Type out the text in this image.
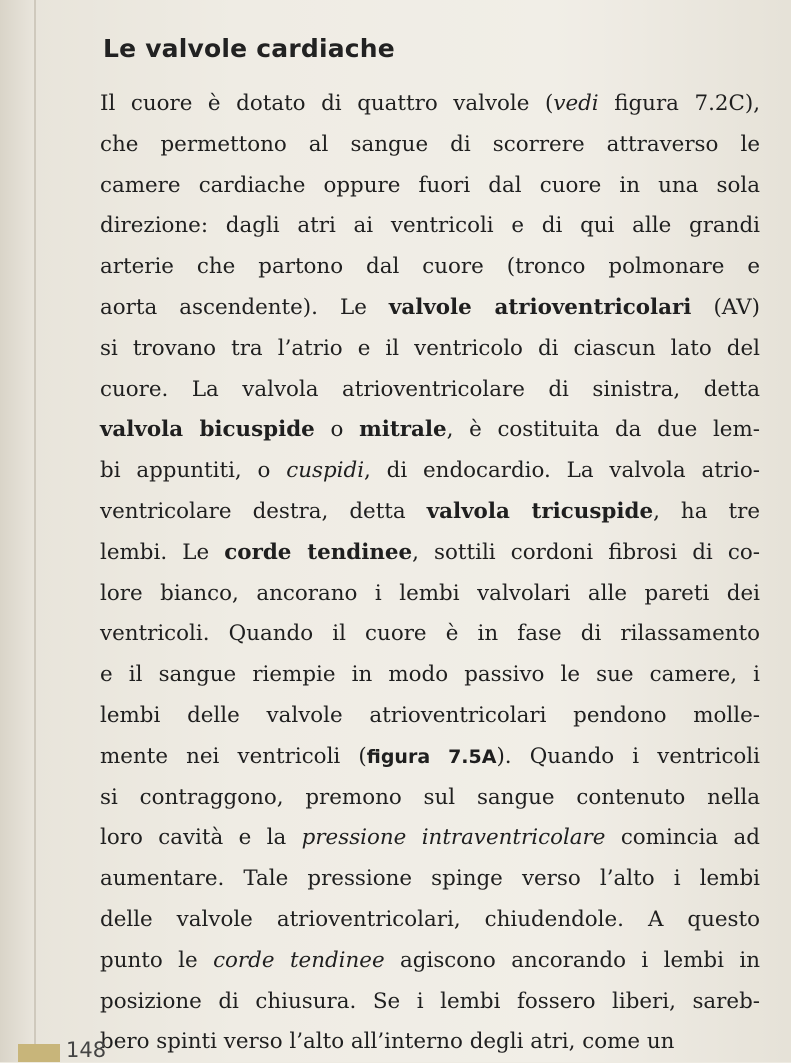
Le valvole cardiache
Il cuore è dotato di quattro valvole (vedi figura 7.2C),
che permettono al sangue di scorrere attraverso le
camere cardiache oppure fuori dal cuore in una sola
direzione: dagli atri ai ventricoli e di qui alle grandi
arterie che partono dal cuore (tronco polmonare e
aorta ascendente). Le valvole atrioventricolari (AV)
si trovano tra l’atrio e il ventricolo di ciascun lato del
cuore. La valvola atrioventricolare di sinistra, detta
valvola bicuspide o mitrale, è costituita da due lem-
bi appuntiti, o cuspidi, di endocardio. La valvola atrio-
ventricolare destra, detta valvola tricuspide, ha tre
lembi. Le corde tendinee, sottili cordoni fibrosi di co-
lore bianco, ancorano i lembi valvolari alle pareti dei
ventricoli. Quando il cuore è in fase di rilassamento
e il sangue riempie in modo passivo le sue camere, i
lembi delle valvole atrioventricolari pendono molle-
mente nei ventricoli (figura 7.5A). Quando i ventricoli
si contraggono, premono sul sangue contenuto nella
loro cavità e la pressione intraventricolare comincia ad
aumentare. Tale pressione spinge verso l’alto i lembi
delle valvole atrioventricolari, chiudendole. A questo
punto le corde tendinee agiscono ancorando i lembi in
posizione di chiusura. Se i lembi fossero liberi, sareb-
bero spinti verso l’alto all’interno degli atri, come un
148
